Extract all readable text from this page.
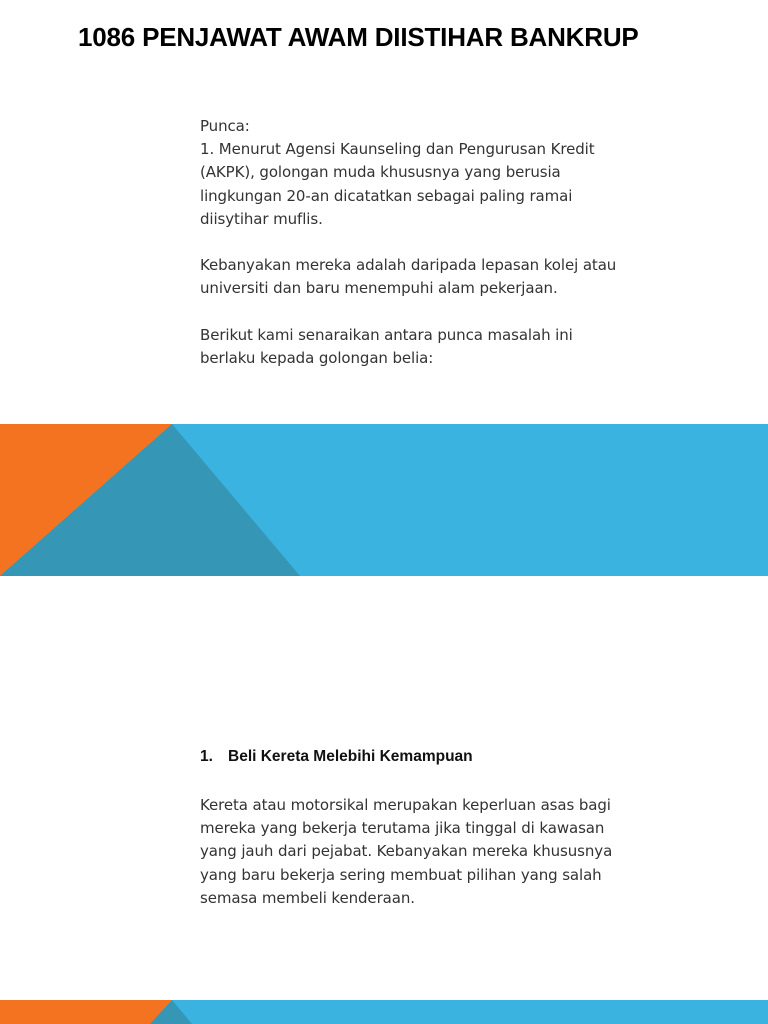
1086 PENJAWAT AWAM DIISTIHAR BANKRUP

Punca:

1. Menurut Agensi Kaunseling dan Pengurusan Kredit (AKPK), golongan muda khususnya yang berusia lingkungan 20-an dicatatkan sebagai paling ramai diisytihar muflis.

Kebanyakan mereka adalah daripada lepasan kolej atau universiti dan baru menempuhi alam pekerjaan.

Berikut kami senaraikan antara punca masalah ini berlaku kepada golongan belia:

1. Beli Kereta Melebihi Kemampuan

Kereta atau motorsikal merupakan keperluan asas bagi mereka yang bekerja terutama jika tinggal di kawasan yang jauh dari pejabat. Kebanyakan mereka khususnya yang baru bekerja sering membuat pilihan yang salah semasa membeli kenderaan.
